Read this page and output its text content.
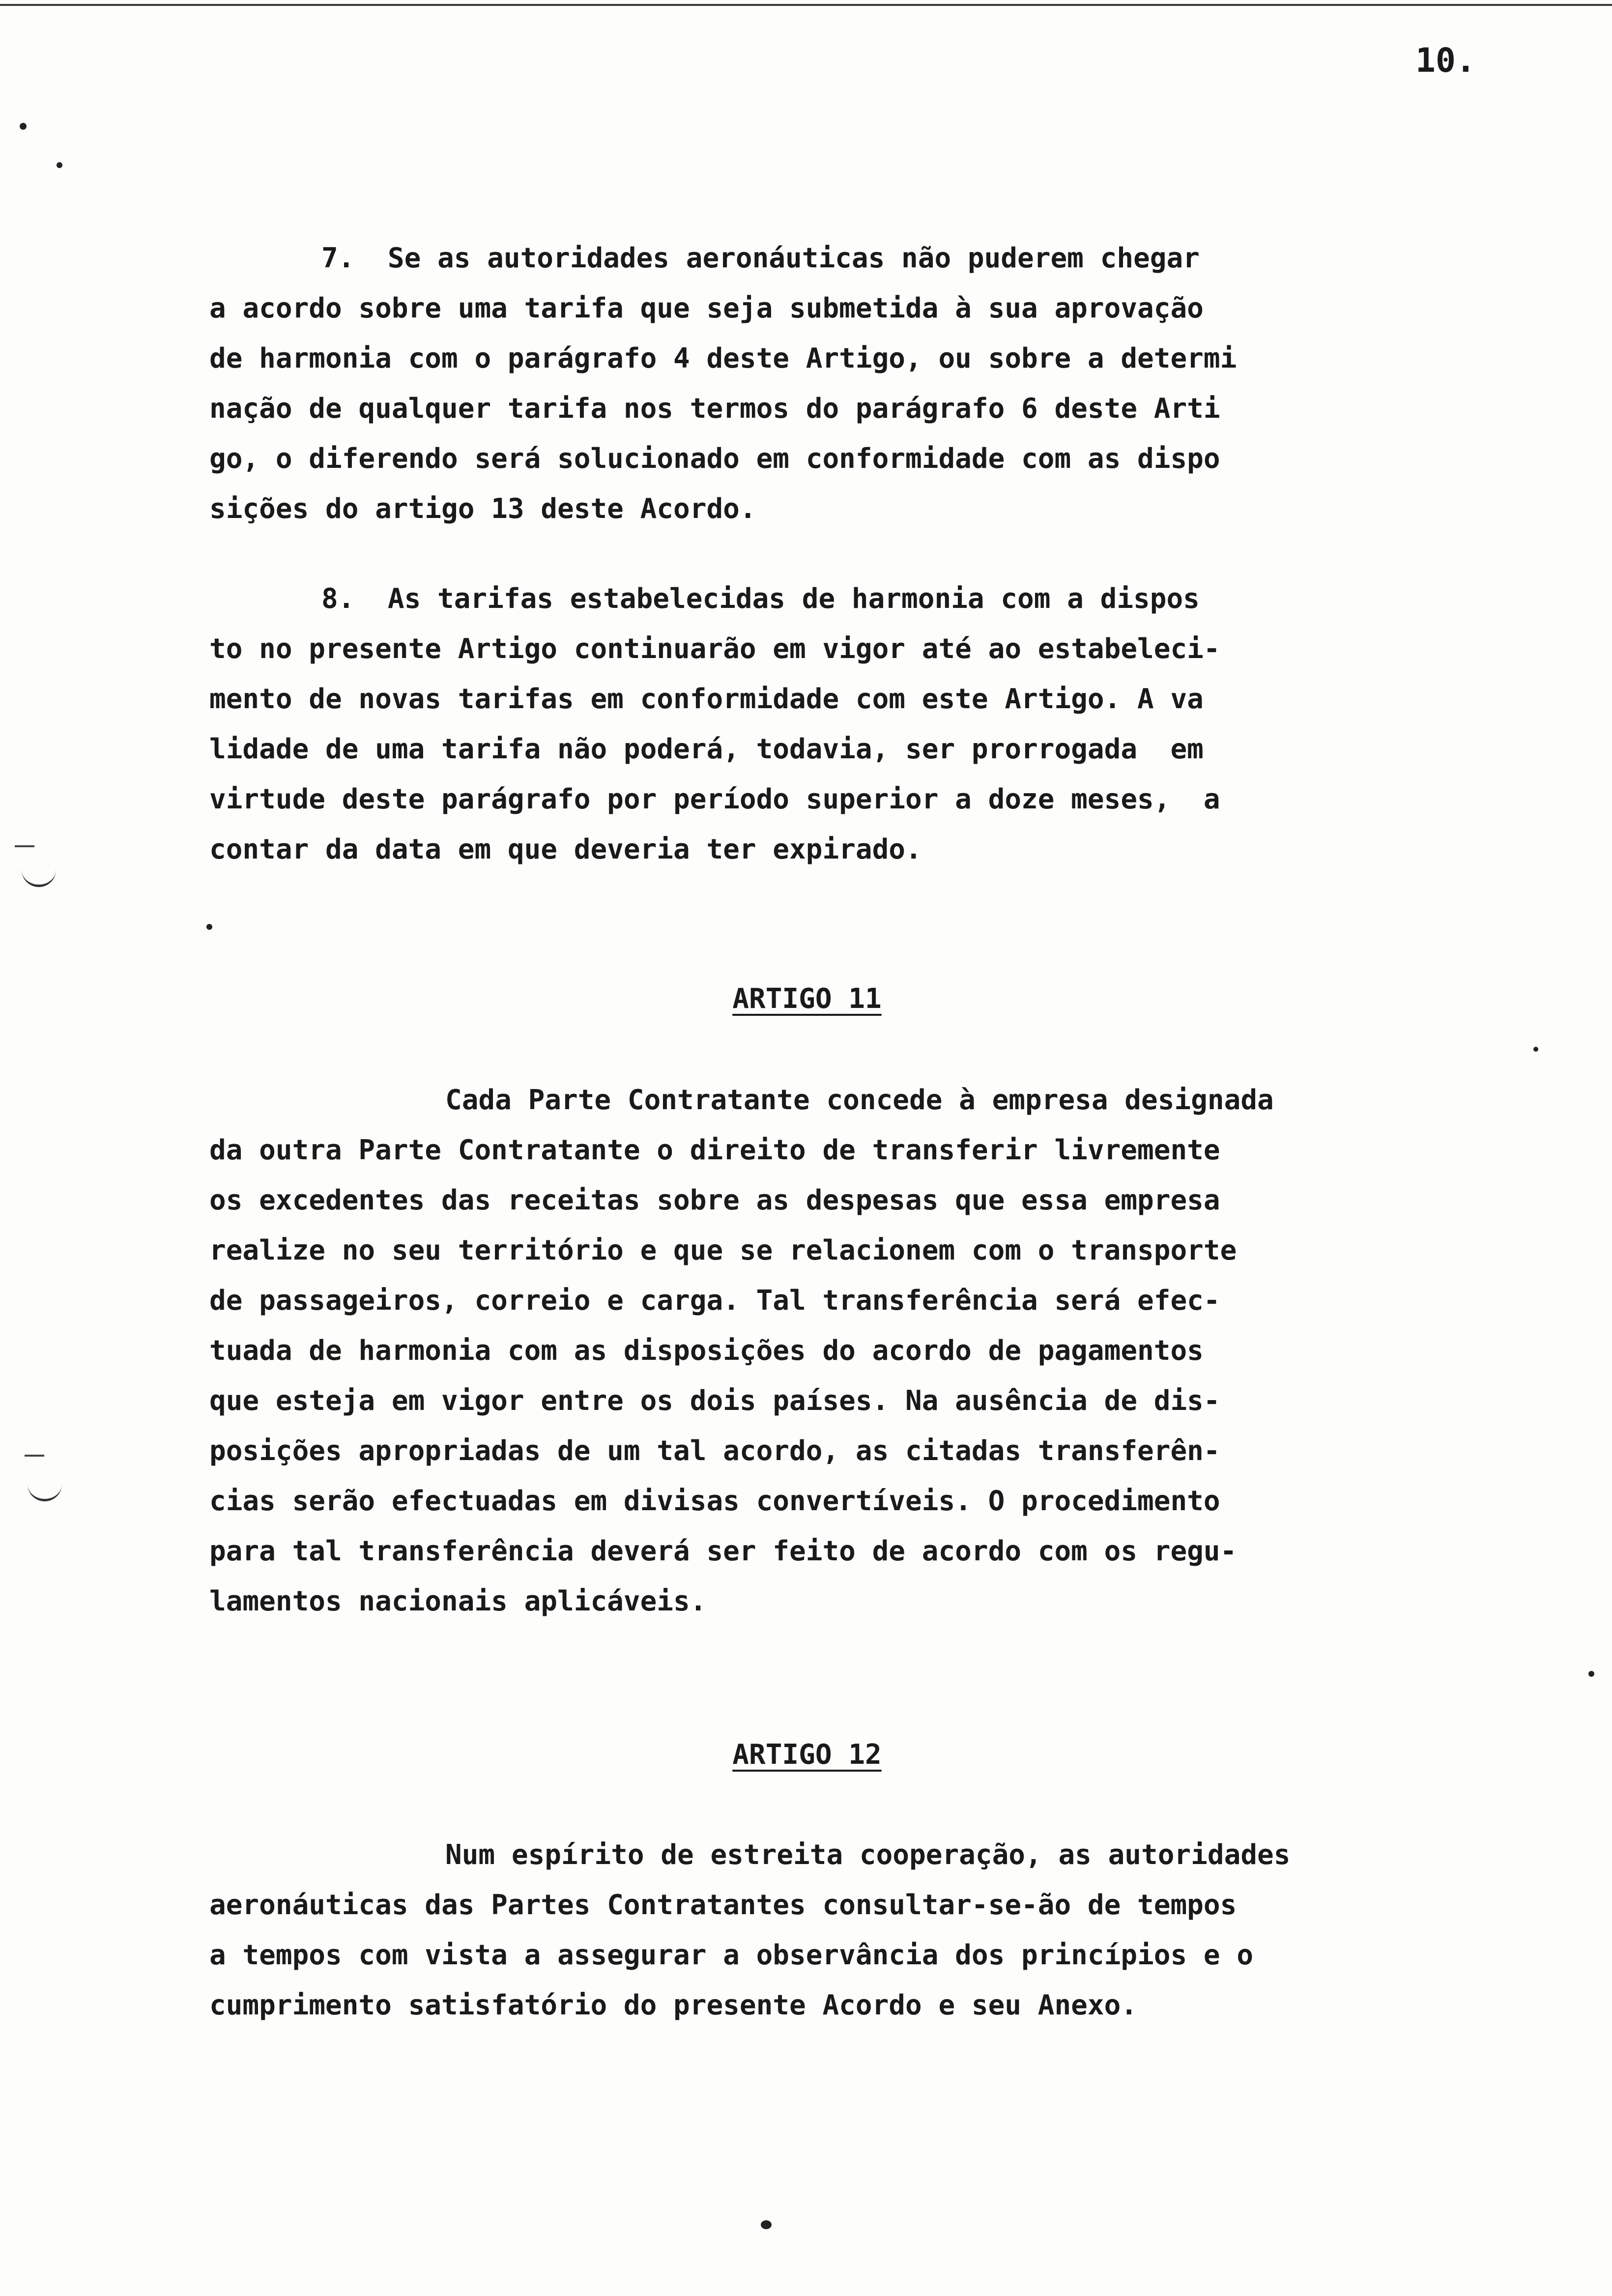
10.
7.  Se as autoridades aeronáuticas não puderem chegar
a acordo sobre uma tarifa que seja submetida à sua aprovação
de harmonia com o parágrafo 4 deste Artigo, ou sobre a determi
nação de qualquer tarifa nos termos do parágrafo 6 deste Arti
go, o diferendo será solucionado em conformidade com as dispo
sições do artigo 13 deste Acordo.
8.  As tarifas estabelecidas de harmonia com a dispos
to no presente Artigo continuarão em vigor até ao estabeleci-
mento de novas tarifas em conformidade com este Artigo. A va
lidade de uma tarifa não poderá, todavia, ser prorrogada  em
virtude deste parágrafo por período superior a doze meses,  a
contar da data em que deveria ter expirado.
ARTIGO 11
Cada Parte Contratante concede à empresa designada
da outra Parte Contratante o direito de transferir livremente
os excedentes das receitas sobre as despesas que essa empresa
realize no seu território e que se relacionem com o transporte
de passageiros, correio e carga. Tal transferência será efec-
tuada de harmonia com as disposições do acordo de pagamentos
que esteja em vigor entre os dois países. Na ausência de dis-
posições apropriadas de um tal acordo, as citadas transferên-
cias serão efectuadas em divisas convertíveis. O procedimento
para tal transferência deverá ser feito de acordo com os regu-
lamentos nacionais aplicáveis.
ARTIGO 12
Num espírito de estreita cooperação, as autoridades
aeronáuticas das Partes Contratantes consultar-se-ão de tempos
a tempos com vista a assegurar a observância dos princípios e o
cumprimento satisfatório do presente Acordo e seu Anexo.
